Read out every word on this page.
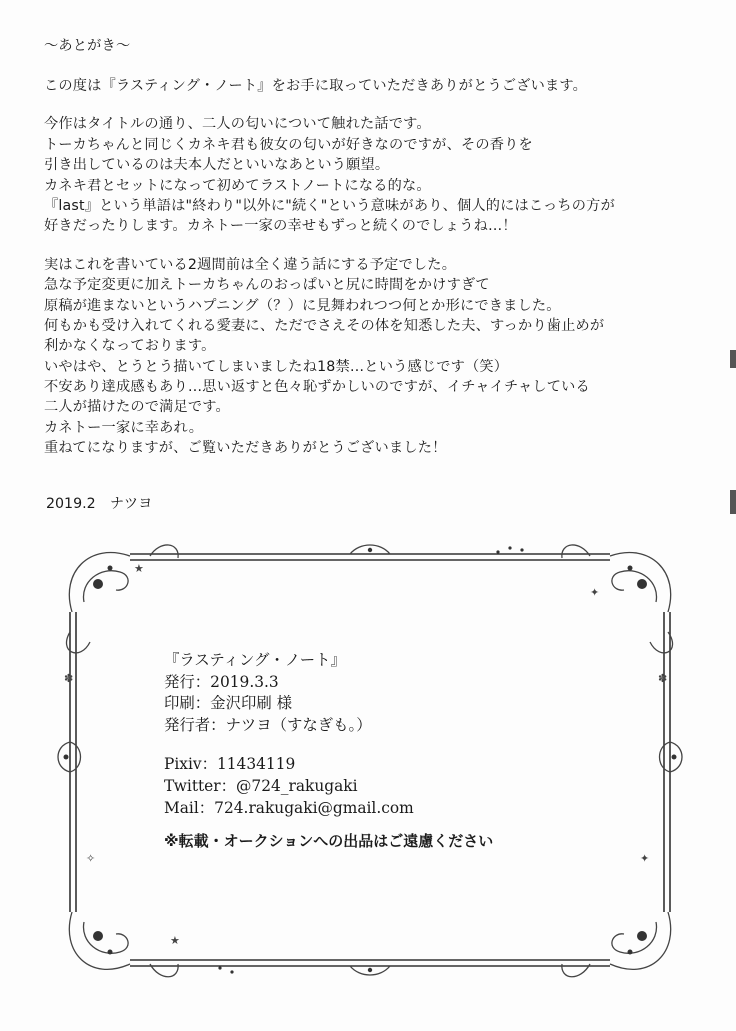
〜あとがき〜
この度は『ラスティング・ノート』をお手に取っていただきありがとうございます。
今作はタイトルの通り、二人の匂いについて触れた話です。
トーカちゃんと同じくカネキ君も彼女の匂いが好きなのですが、その香りを
引き出しているのは夫本人だといいなあという願望。
カネキ君とセットになって初めてラストノートになる的な。
『last』という単語は"終わり"以外に"続く"という意味があり、個人的にはこっちの方が
好きだったりします。カネトー一家の幸せもずっと続くのでしょうね…！
実はこれを書いている2週間前は全く違う話にする予定でした。
急な予定変更に加えトーカちゃんのおっぱいと尻に時間をかけすぎて
原稿が進まないというハプニング（？）に見舞われつつ何とか形にできました。
何もかも受け入れてくれる愛妻に、ただでさえその体を知悉した夫、すっかり歯止めが
利かなくなっております。
いやはや、とうとう描いてしまいましたね18禁…という感じです（笑）
不安あり達成感もあり…思い返すと色々恥ずかしいのですが、イチャイチャしている
二人が描けたので満足です。
カネトー一家に幸あれ。
重ねてになりますが、ご覧いただきありがとうございました！
2019.2　ナツヨ
★
✦
✽
★
✽
✦
✧
『ラスティング・ノート』
発行：2019.3.3
印刷：金沢印刷 様
発行者：ナツヨ（すなぎも。）
Pixiv：11434119
Twitter：@724_rakugaki
Mail：724.rakugaki@gmail.com
※転載・オークションへの出品はご遠慮ください
